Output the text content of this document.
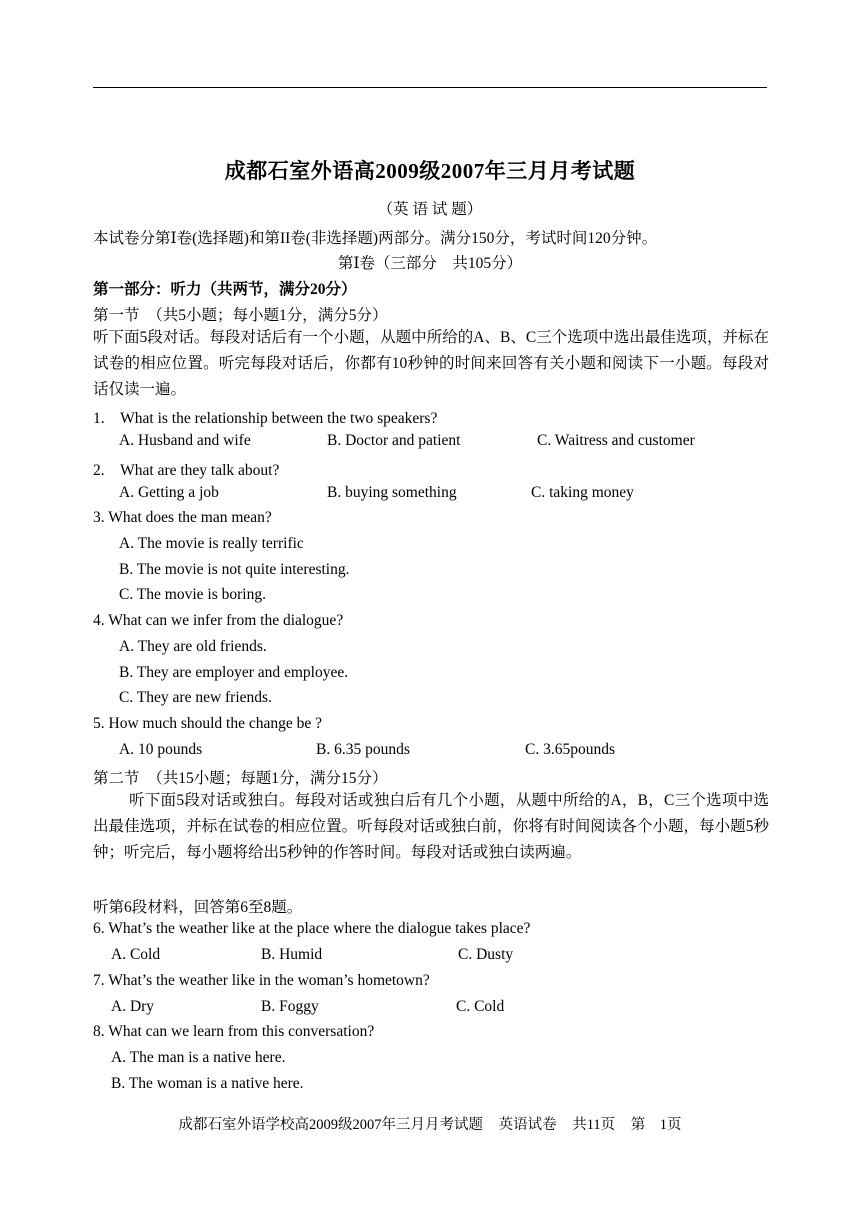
成都石室外语高2009级2007年三月月考试题
（英 语 试 题）
本试卷分第Ⅰ卷(选择题)和第II卷(非选择题)两部分。满分150分，考试时间120分钟。
第Ⅰ卷（三部分　共105分）
第一部分：听力（共两节，满分20分）
第一节　（共5小题；每小题1分，满分5分）
听下面5段对话。每段对话后有一个小题，从题中所给的A、B、C三个选项中选出最佳选项，并标在试卷的相应位置。听完每段对话后，你都有10秒钟的时间来回答有关小题和阅读下一小题。每段对话仅读一遍。
1.　What is the relationship between the two speakers?
A. Husband and wife	B. Doctor and patient	C. Waitress and customer
2.　What are they talk about?
A. Getting a job	B. buying something	C. taking money
3. What does the man mean?
A. The movie is really terrific
B. The movie is not quite interesting.
C. The movie is boring.
4. What can we infer from the dialogue?
A. They are old friends.
B. They are employer and employee.
C. They are new friends.
5. How much should the change be ?
A. 10 pounds	B. 6.35 pounds	C. 3.65pounds
第二节　（共15小题；每题1分，满分15分）
听下面5段对话或独白。每段对话或独白后有几个小题，从题中所给的A，B，C三个选项中选出最佳选项，并标在试卷的相应位置。听每段对话或独白前，你将有时间阅读各个小题，每小题5秒钟；听完后，每小题将给出5秒钟的作答时间。每段对话或独白读两遍。
听第6段材料，回答第6至8题。
6. What’s the weather like at the place where the dialogue takes place?
A. Cold	B. Humid	C. Dusty
7. What’s the weather like in the woman’s hometown?
A. Dry	B. Foggy	C. Cold
8. What can we learn from this conversation?
A. The man is a native here.
B. The woman is a native here.
成都石室外语学校高2009级2007年三月月考试题 英语试卷 共11页 第　1页
